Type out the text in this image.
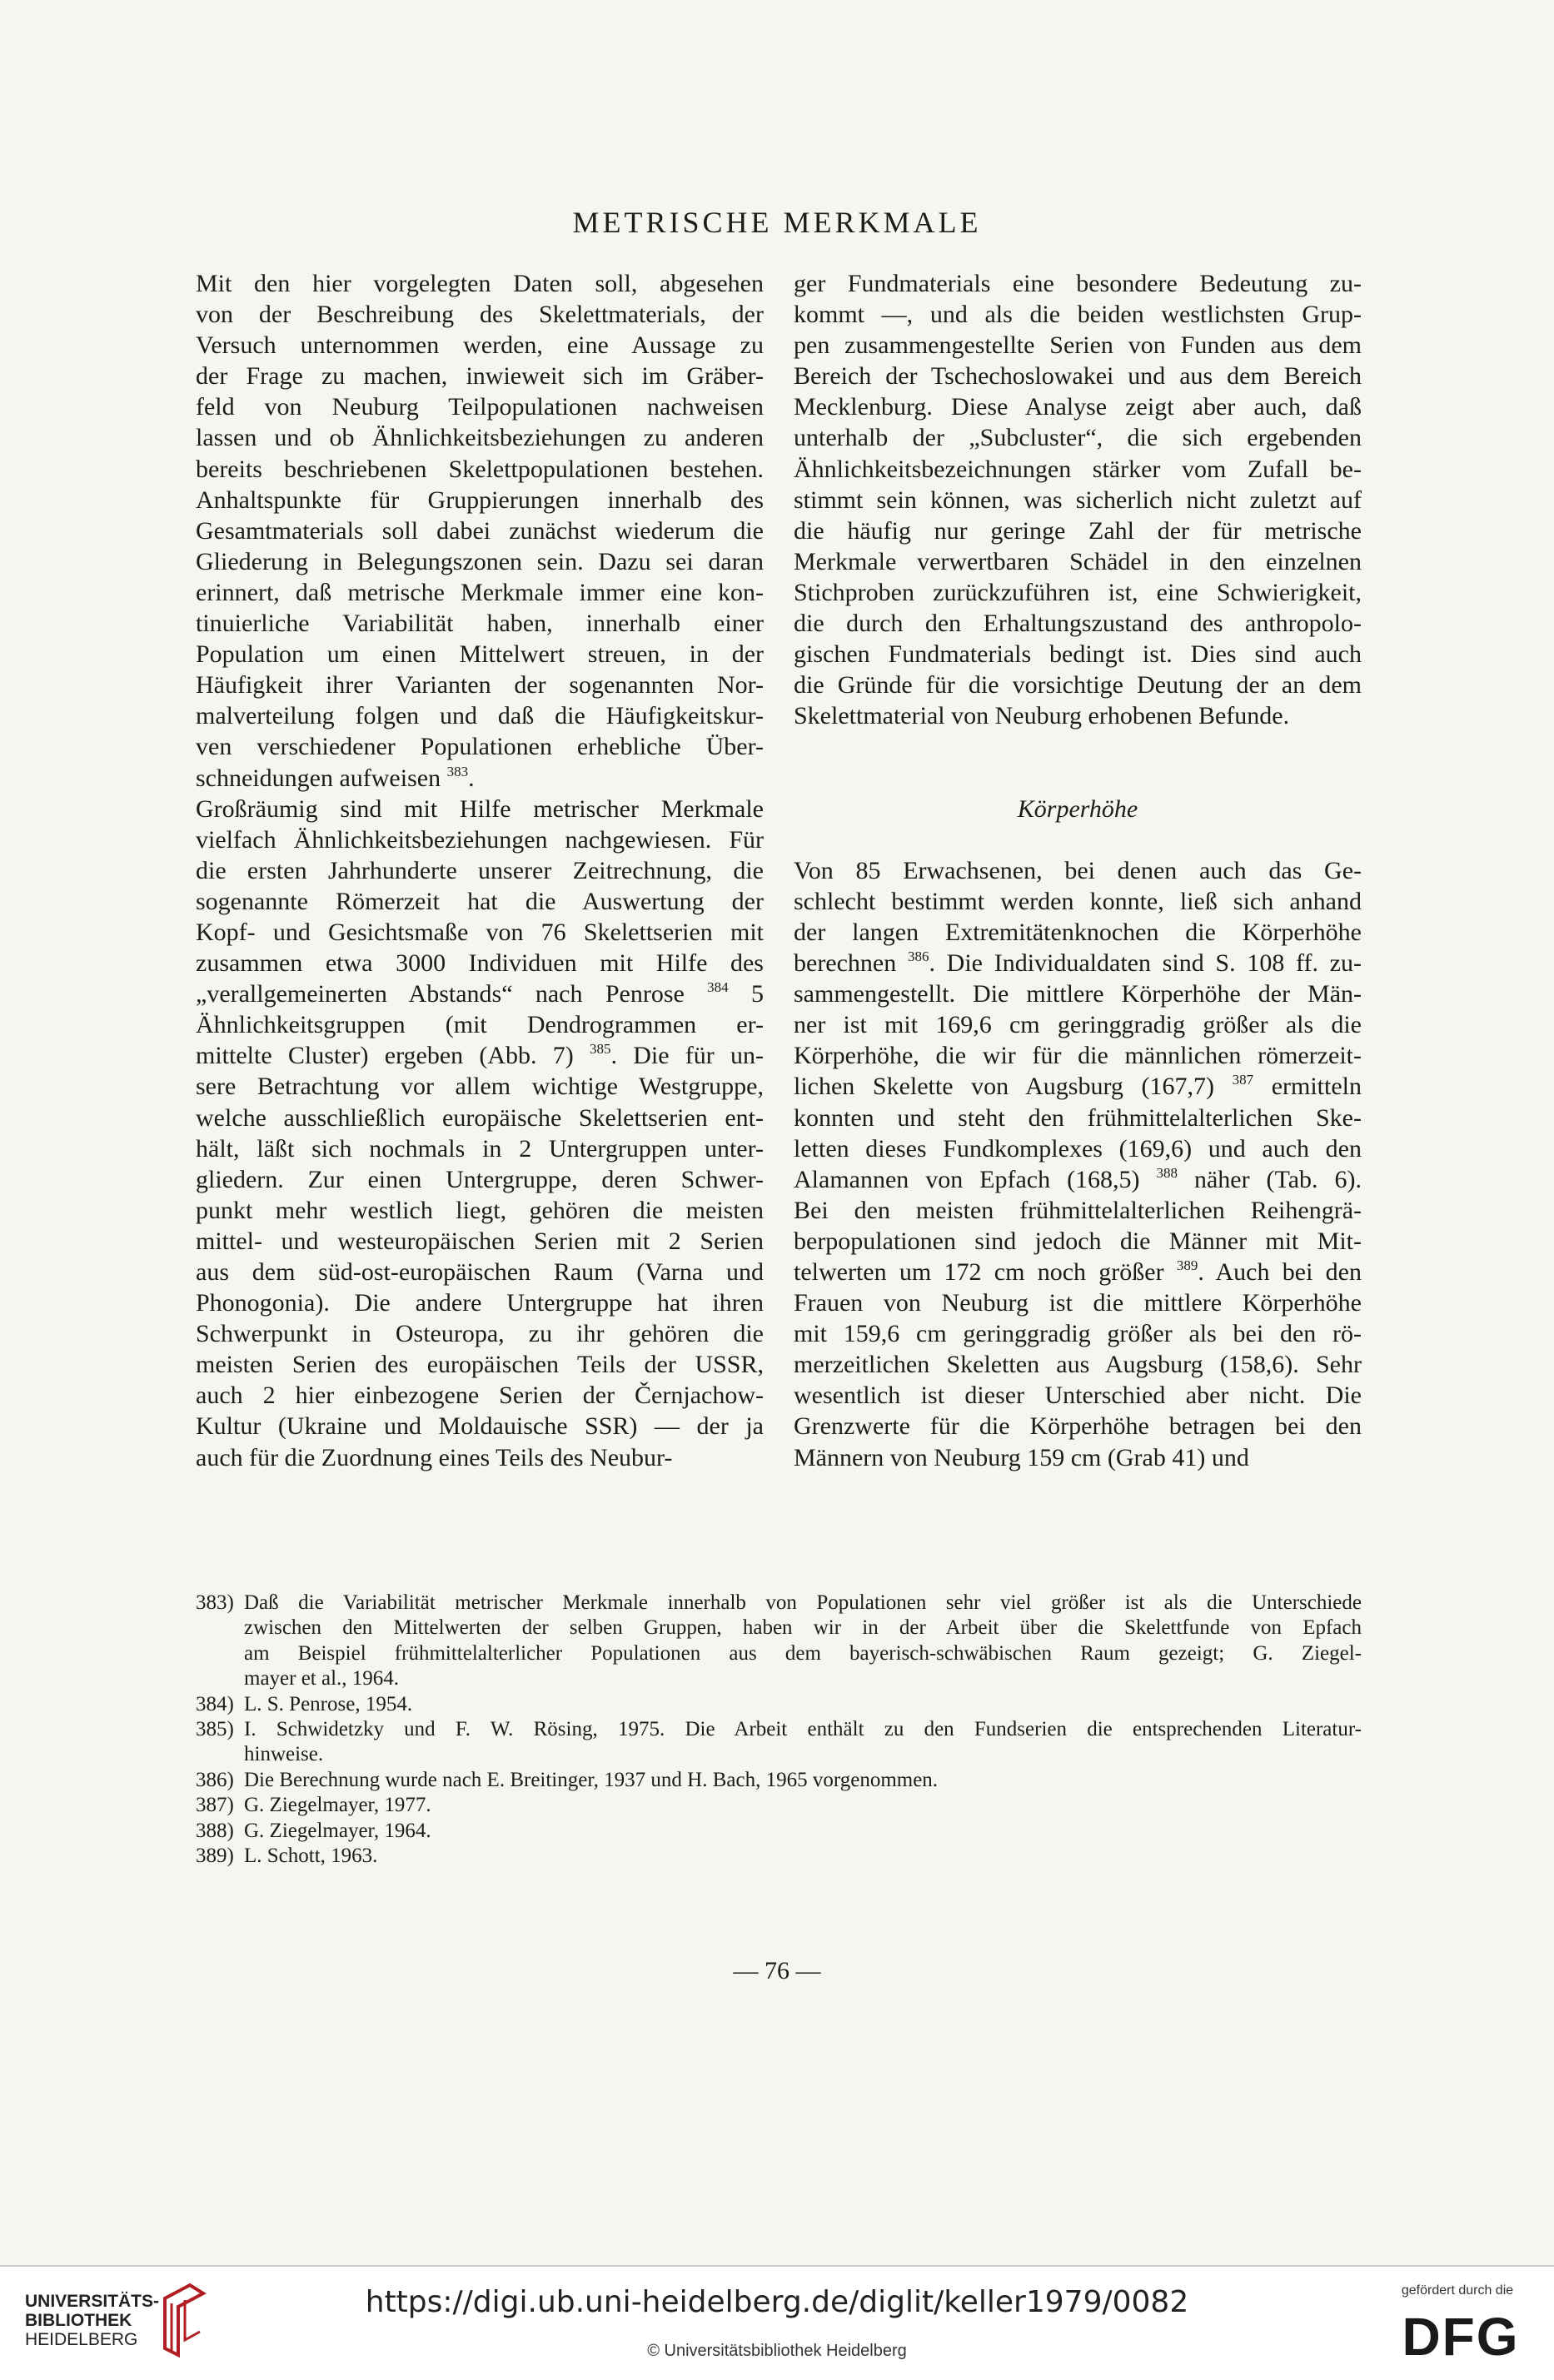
METRISCHE MERKMALE
Mit den hier vorgelegten Daten soll, abgesehen
von der Beschreibung des Skelettmaterials, der
Versuch unternommen werden, eine Aussage zu
der Frage zu machen, inwieweit sich im Gräber-
feld von Neuburg Teilpopulationen nachweisen
lassen und ob Ähnlichkeitsbeziehungen zu anderen
bereits beschriebenen Skelettpopulationen bestehen.
Anhaltspunkte für Gruppierungen innerhalb des
Gesamtmaterials soll dabei zunächst wiederum die
Gliederung in Belegungszonen sein. Dazu sei daran
erinnert, daß metrische Merkmale immer eine kon-
tinuierliche Variabilität haben, innerhalb einer
Population um einen Mittelwert streuen, in der
Häufigkeit ihrer Varianten der sogenannten Nor-
malverteilung folgen und daß die Häufigkeitskur-
ven verschiedener Populationen erhebliche Über-
schneidungen aufweisen $^{383}$.
Großräumig sind mit Hilfe metrischer Merkmale
vielfach Ähnlichkeitsbeziehungen nachgewiesen. Für
die ersten Jahrhunderte unserer Zeitrechnung, die
sogenannte Römerzeit hat die Auswertung der
Kopf- und Gesichtsmaße von 76 Skelettserien mit
zusammen etwa 3000 Individuen mit Hilfe des
„verallgemeinerten Abstands“ nach Penrose $^{384}$ 5
Ähnlichkeitsgruppen (mit Dendrogrammen er-
mittelte Cluster) ergeben (Abb. 7) $^{385}$. Die für un-
sere Betrachtung vor allem wichtige Westgruppe,
welche ausschließlich europäische Skelettserien ent-
hält, läßt sich nochmals in 2 Untergruppen unter-
gliedern. Zur einen Untergruppe, deren Schwer-
punkt mehr westlich liegt, gehören die meisten
mittel- und westeuropäischen Serien mit 2 Serien
aus dem süd-ost-europäischen Raum (Varna und
Phonogonia). Die andere Untergruppe hat ihren
Schwerpunkt in Osteuropa, zu ihr gehören die
meisten Serien des europäischen Teils der USSR,
auch 2 hier einbezogene Serien der Černjachow-
Kultur (Ukraine und Moldauische SSR) — der ja
auch für die Zuordnung eines Teils des Neubur-
ger Fundmaterials eine besondere Bedeutung zu-
kommt —, und als die beiden westlichsten Grup-
pen zusammengestellte Serien von Funden aus dem
Bereich der Tschechoslowakei und aus dem Bereich
Mecklenburg. Diese Analyse zeigt aber auch, daß
unterhalb der „Subcluster“, die sich ergebenden
Ähnlichkeitsbezeichnungen stärker vom Zufall be-
stimmt sein können, was sicherlich nicht zuletzt auf
die häufig nur geringe Zahl der für metrische
Merkmale verwertbaren Schädel in den einzelnen
Stichproben zurückzuführen ist, eine Schwierigkeit,
die durch den Erhaltungszustand des anthropolo-
gischen Fundmaterials bedingt ist. Dies sind auch
die Gründe für die vorsichtige Deutung der an dem
Skelettmaterial von Neuburg erhobenen Befunde.
Körperhöhe
Von 85 Erwachsenen, bei denen auch das Ge-
schlecht bestimmt werden konnte, ließ sich anhand
der langen Extremitätenknochen die Körperhöhe
berechnen $^{386}$. Die Individualdaten sind S. 108 ff. zu-
sammengestellt. Die mittlere Körperhöhe der Män-
ner ist mit 169,6 cm geringgradig größer als die
Körperhöhe, die wir für die männlichen römerzeit-
lichen Skelette von Augsburg (167,7) $^{387}$ ermitteln
konnten und steht den frühmittelalterlichen Ske-
letten dieses Fundkomplexes (169,6) und auch den
Alamannen von Epfach (168,5) $^{388}$ näher (Tab. 6).
Bei den meisten frühmittelalterlichen Reihengrä-
berpopulationen sind jedoch die Männer mit Mit-
telwerten um 172 cm noch größer $^{389}$. Auch bei den
Frauen von Neuburg ist die mittlere Körperhöhe
mit 159,6 cm geringgradig größer als bei den rö-
merzeitlichen Skeletten aus Augsburg (158,6). Sehr
wesentlich ist dieser Unterschied aber nicht. Die
Grenzwerte für die Körperhöhe betragen bei den
Männern von Neuburg 159 cm (Grab 41) und
383) Daß die Variabilität metrischer Merkmale innerhalb von Populationen sehr viel größer ist als die Unterschiede
zwischen den Mittelwerten der selben Gruppen, haben wir in der Arbeit über die Skelettfunde von Epfach
am Beispiel frühmittelalterlicher Populationen aus dem bayerisch-schwäbischen Raum gezeigt; G. Ziegel-
mayer et al., 1964.
384) L. S. Penrose, 1954.
385) I. Schwidetzky und F. W. Rösing, 1975. Die Arbeit enthält zu den Fundserien die entsprechenden Literatur-
hinweise.
386) Die Berechnung wurde nach E. Breitinger, 1937 und H. Bach, 1965 vorgenommen.
387) G. Ziegelmayer, 1977.
388) G. Ziegelmayer, 1964.
389) L. Schott, 1963.
— 76 —
UNIVERSITÄTS-
BIBLIOTHEK
HEIDELBERG
https://digi.ub.uni-heidelberg.de/diglit/keller1979/0082
© Universitätsbibliothek Heidelberg
gefördert durch die
DFG
